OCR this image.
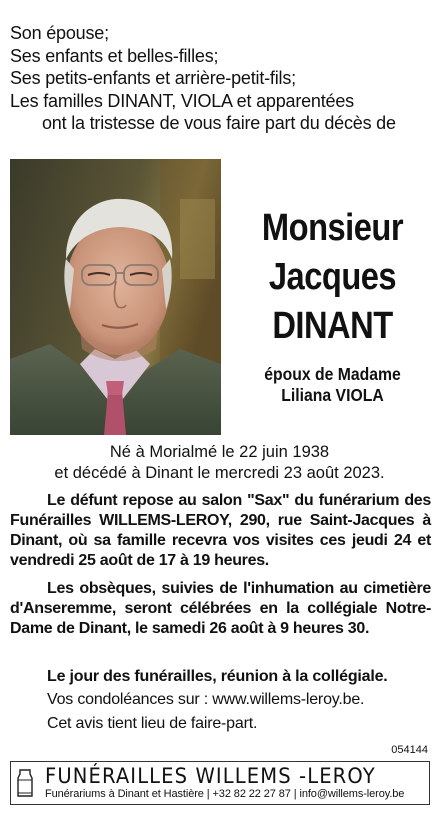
Son épouse;
Ses enfants et belles-filles;
Ses petits-enfants et arrière-petit-fils;
Les familles DINANT, VIOLA et apparentées
ont la tristesse de vous faire part du décès de
Monsieur
Jacques
DINANT
époux de Madame
Liliana VIOLA
Né à Morialmé le 22 juin 1938
et décédé à Dinant le mercredi 23 août 2023.
Le défunt repose au salon "Sax" du funérarium des Funérailles WILLEMS-LEROY, 290, rue Saint-Jacques à Dinant, où sa famille recevra vos visites ces jeudi 24 et vendredi 25 août de 17 à 19 heures.
Les obsèques, suivies de l'inhumation au cimetière d'Anseremme, seront célébrées en la collégiale Notre-Dame de Dinant, le samedi 26 août à 9 heures 30.
Le jour des funérailles, réunion à la collégiale.
Vos condoléances sur : www.willems-leroy.be.
Cet avis tient lieu de faire-part.
054144
FUNÉRAILLES WILLEMS -LEROY
Funérariums à Dinant et Hastière | +32 82 22 27 87 | info@willems-leroy.be
